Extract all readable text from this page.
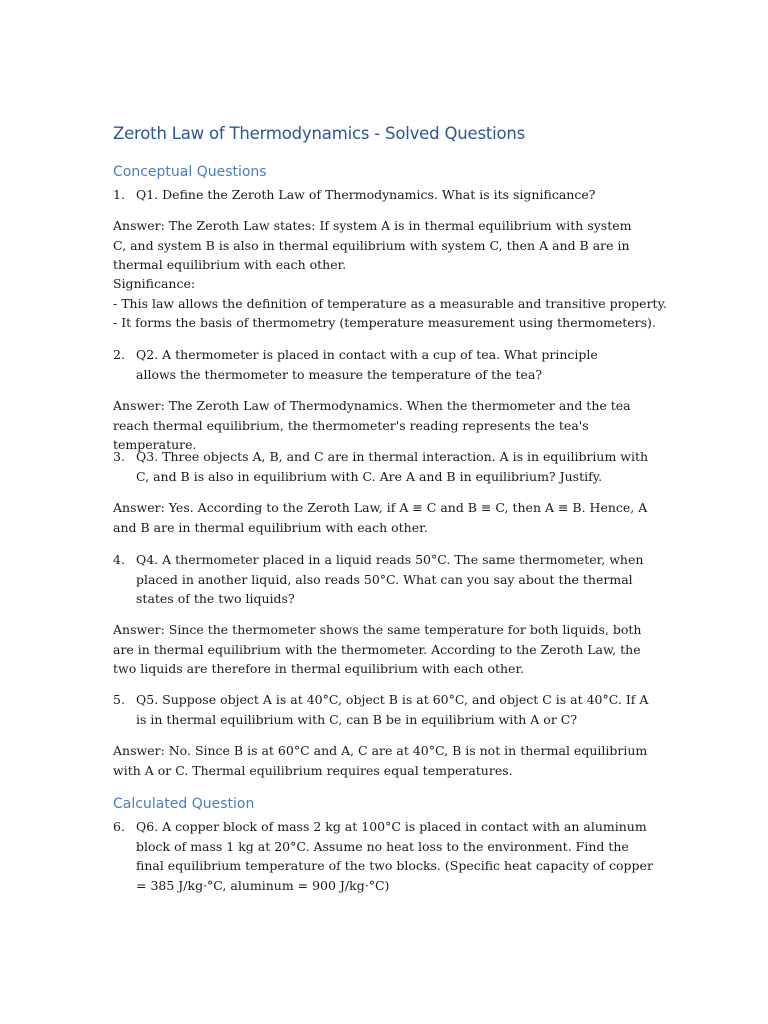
Zeroth Law of Thermodynamics - Solved Questions
Conceptual Questions
1. Q1. Define the Zeroth Law of Thermodynamics. What is its significance?
Answer: The Zeroth Law states: If system A is in thermal equilibrium with system C, and system B is also in thermal equilibrium with system C, then A and B are in thermal equilibrium with each other.
Significance:
- This law allows the definition of temperature as a measurable and transitive property.
- It forms the basis of thermometry (temperature measurement using thermometers).
2. Q2. A thermometer is placed in contact with a cup of tea. What principle allows the thermometer to measure the temperature of the tea?
Answer: The Zeroth Law of Thermodynamics. When the thermometer and the tea reach thermal equilibrium, the thermometer's reading represents the tea's temperature.
3. Q3. Three objects A, B, and C are in thermal interaction. A is in equilibrium with C, and B is also in equilibrium with C. Are A and B in equilibrium? Justify.
Answer: Yes. According to the Zeroth Law, if A ≡ C and B ≡ C, then A ≡ B. Hence, A and B are in thermal equilibrium with each other.
4. Q4. A thermometer placed in a liquid reads 50°C. The same thermometer, when placed in another liquid, also reads 50°C. What can you say about the thermal states of the two liquids?
Answer: Since the thermometer shows the same temperature for both liquids, both are in thermal equilibrium with the thermometer. According to the Zeroth Law, the two liquids are therefore in thermal equilibrium with each other.
5. Q5. Suppose object A is at 40°C, object B is at 60°C, and object C is at 40°C. If A is in thermal equilibrium with C, can B be in equilibrium with A or C?
Answer: No. Since B is at 60°C and A, C are at 40°C, B is not in thermal equilibrium with A or C. Thermal equilibrium requires equal temperatures.
Calculated Question
6. Q6. A copper block of mass 2 kg at 100°C is placed in contact with an aluminum block of mass 1 kg at 20°C. Assume no heat loss to the environment. Find the final equilibrium temperature of the two blocks. (Specific heat capacity of copper = 385 J/kg·°C, aluminum = 900 J/kg·°C)
